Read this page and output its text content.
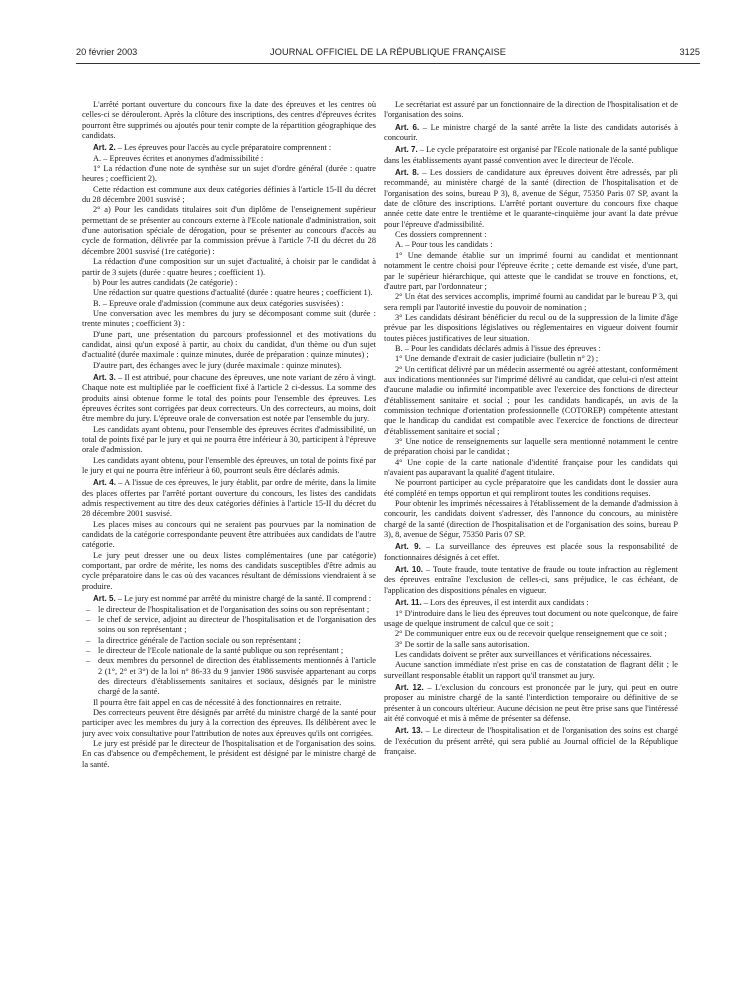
20 février 2003	JOURNAL OFFICIEL DE LA RÉPUBLIQUE FRANÇAISE	3125

L'arrêté portant ouverture du concours fixe la date des épreuves et les centres où celles-ci se dérouleront. Après la clôture des inscriptions, des centres d'épreuves écrites pourront être supprimés ou ajoutés pour tenir compte de la répartition géographique des candidats.

Art. 2. – Les épreuves pour l'accès au cycle préparatoire comprennent :

A. – Epreuves écrites et anonymes d'admissibilité :

1° La rédaction d'une note de synthèse sur un sujet d'ordre général (durée : quatre heures ; coefficient 2).

Cette rédaction est commune aux deux catégories définies à l'article 15-II du décret du 28 décembre 2001 susvisé ;

2° a) Pour les candidats titulaires soit d'un diplôme de l'enseignement supérieur permettant de se présenter au concours externe à l'Ecole nationale d'administration, soit d'une autorisation spéciale de dérogation, pour se présenter au concours d'accès au cycle de formation, délivrée par la commission prévue à l'article 7-II du décret du 28 décembre 2001 susvisé (1re catégorie) :

La rédaction d'une composition sur un sujet d'actualité, à choisir par le candidat à partir de 3 sujets (durée : quatre heures ; coefficient 1).

b) Pour les autres candidats (2e catégorie) :

Une rédaction sur quatre questions d'actualité (durée : quatre heures ; coefficient 1).

B. – Epreuve orale d'admission (commune aux deux catégories susvisées) :

Une conversation avec les membres du jury se décomposant comme suit (durée : trente minutes ; coefficient 3) :

D'une part, une présentation du parcours professionnel et des motivations du candidat, ainsi qu'un exposé à partir, au choix du candidat, d'un thème ou d'un sujet d'actualité (durée maximale : quinze minutes, durée de préparation : quinze minutes) ;

D'autre part, des échanges avec le jury (durée maximale : quinze minutes).

Art. 3. – Il est attribué, pour chacune des épreuves, une note variant de zéro à vingt. Chaque note est multipliée par le coefficient fixé à l'article 2 ci-dessus. La somme des produits ainsi obtenue forme le total des points pour l'ensemble des épreuves. Les épreuves écrites sont corrigées par deux correcteurs. Un des correcteurs, au moins, doit être membre du jury. L'épreuve orale de conversation est notée par l'ensemble du jury.

Les candidats ayant obtenu, pour l'ensemble des épreuves écrites d'admissibilité, un total de points fixé par le jury et qui ne pourra être inférieur à 30, participent à l'épreuve orale d'admission.

Les candidats ayant obtenu, pour l'ensemble des épreuves, un total de points fixé par le jury et qui ne pourra être inférieur à 60, pourront seuls être déclarés admis.

Art. 4. – A l'issue de ces épreuves, le jury établit, par ordre de mérite, dans la limite des places offertes par l'arrêté portant ouverture du concours, les listes des candidats admis respectivement au titre des deux catégories définies à l'article 15-II du décret du 28 décembre 2001 susvisé.

Les places mises au concours qui ne seraient pas pourvues par la nomination de candidats de la catégorie correspondante peuvent être attribuées aux candidats de l'autre catégorie.

Le jury peut dresser une ou deux listes complémentaires (une par catégorie) comportant, par ordre de mérite, les noms des candidats susceptibles d'être admis au cycle préparatoire dans le cas où des vacances résultant de démissions viendraient à se produire.

Art. 5. – Le jury est nommé par arrêté du ministre chargé de la santé. Il comprend :

– le directeur de l'hospitalisation et de l'organisation des soins ou son représentant ;
– le chef de service, adjoint au directeur de l'hospitalisation et de l'organisation des soins ou son représentant ;
– la directrice générale de l'action sociale ou son représentant ;
– le directeur de l'Ecole nationale de la santé publique ou son représentant ;
– deux membres du personnel de direction des établissements mentionnés à l'article 2 (1°, 2° et 3°) de la loi n° 86-33 du 9 janvier 1986 susvisée appartenant au corps des directeurs d'établissements sanitaires et sociaux, désignés par le ministre chargé de la santé.

Il pourra être fait appel en cas de nécessité à des fonctionnaires en retraite.

Des correcteurs peuvent être désignés par arrêté du ministre chargé de la santé pour participer avec les membres du jury à la correction des épreuves. Ils délibèrent avec le jury avec voix consultative pour l'attribution de notes aux épreuves qu'ils ont corrigées.

Le jury est présidé par le directeur de l'hospitalisation et de l'organisation des soins. En cas d'absence ou d'empêchement, le président est désigné par le ministre chargé de la santé.

Le secrétariat est assuré par un fonctionnaire de la direction de l'hospitalisation et de l'organisation des soins.

Art. 6. – Le ministre chargé de la santé arrête la liste des candidats autorisés à concourir.

Art. 7. – Le cycle préparatoire est organisé par l'Ecole nationale de la santé publique dans les établissements ayant passé convention avec le directeur de l'école.

Art. 8. – Les dossiers de candidature aux épreuves doivent être adressés, par pli recommandé, au ministère chargé de la santé (direction de l'hospitalisation et de l'organisation des soins, bureau P 3), 8, avenue de Ségur, 75350 Paris 07 SP, avant la date de clôture des inscriptions. L'arrêté portant ouverture du concours fixe chaque année cette date entre le trentième et le quarante-cinquième jour avant la date prévue pour l'épreuve d'admissibilité.

Ces dossiers comprennent :

A. – Pour tous les candidats :

1° Une demande établie sur un imprimé fourni au candidat et mentionnant notamment le centre choisi pour l'épreuve écrite ; cette demande est visée, d'une part, par le supérieur hiérarchique, qui atteste que le candidat se trouve en fonctions, et, d'autre part, par l'ordonnateur ;

2° Un état des services accomplis, imprimé fourni au candidat par le bureau P 3, qui sera rempli par l'autorité investie du pouvoir de nomination ;

3° Les candidats désirant bénéficier du recul ou de la suppression de la limite d'âge prévue par les dispositions législatives ou réglementaires en vigueur doivent fournir toutes pièces justificatives de leur situation.

B. – Pour les candidats déclarés admis à l'issue des épreuves :

1° Une demande d'extrait de casier judiciaire (bulletin n° 2) ;

2° Un certificat délivré par un médecin assermenté ou agréé attestant, conformément aux indications mentionnées sur l'imprimé délivré au candidat, que celui-ci n'est atteint d'aucune maladie ou infirmité incompatible avec l'exercice des fonctions de directeur d'établissement sanitaire et social ; pour les candidats handicapés, un avis de la commission technique d'orientation professionnelle (COTOREP) compétente attestant que le handicap du candidat est compatible avec l'exercice de fonctions de directeur d'établissement sanitaire et social ;

3° Une notice de renseignements sur laquelle sera mentionné notamment le centre de préparation choisi par le candidat ;

4° Une copie de la carte nationale d'identité française pour les candidats qui n'avaient pas auparavant la qualité d'agent titulaire.

Ne pourront participer au cycle préparatoire que les candidats dont le dossier aura été complété en temps opportun et qui rempliront toutes les conditions requises.

Pour obtenir les imprimés nécessaires à l'établissement de la demande d'admission à concourir, les candidats doivent s'adresser, dès l'annonce du concours, au ministère chargé de la santé (direction de l'hospitalisation et de l'organisation des soins, bureau P 3), 8, avenue de Ségur, 75350 Paris 07 SP.

Art. 9. – La surveillance des épreuves est placée sous la responsabilité de fonctionnaires désignés à cet effet.

Art. 10. – Toute fraude, toute tentative de fraude ou toute infraction au règlement des épreuves entraîne l'exclusion de celles-ci, sans préjudice, le cas échéant, de l'application des dispositions pénales en vigueur.

Art. 11. – Lors des épreuves, il est interdit aux candidats :

1° D'introduire dans le lieu des épreuves tout document ou note quelconque, de faire usage de quelque instrument de calcul que ce soit ;

2° De communiquer entre eux ou de recevoir quelque renseignement que ce soit ;

3° De sortir de la salle sans autorisation.

Les candidats doivent se prêter aux surveillances et vérifications nécessaires.

Aucune sanction immédiate n'est prise en cas de constatation de flagrant délit ; le surveillant responsable établit un rapport qu'il transmet au jury.

Art. 12. – L'exclusion du concours est prononcée par le jury, qui peut en outre proposer au ministre chargé de la santé l'interdiction temporaire ou définitive de se présenter à un concours ultérieur. Aucune décision ne peut être prise sans que l'intéressé ait été convoqué et mis à même de présenter sa défense.

Art. 13. – Le directeur de l'hospitalisation et de l'organisation des soins est chargé de l'exécution du présent arrêté, qui sera publié au Journal officiel de la République française.
